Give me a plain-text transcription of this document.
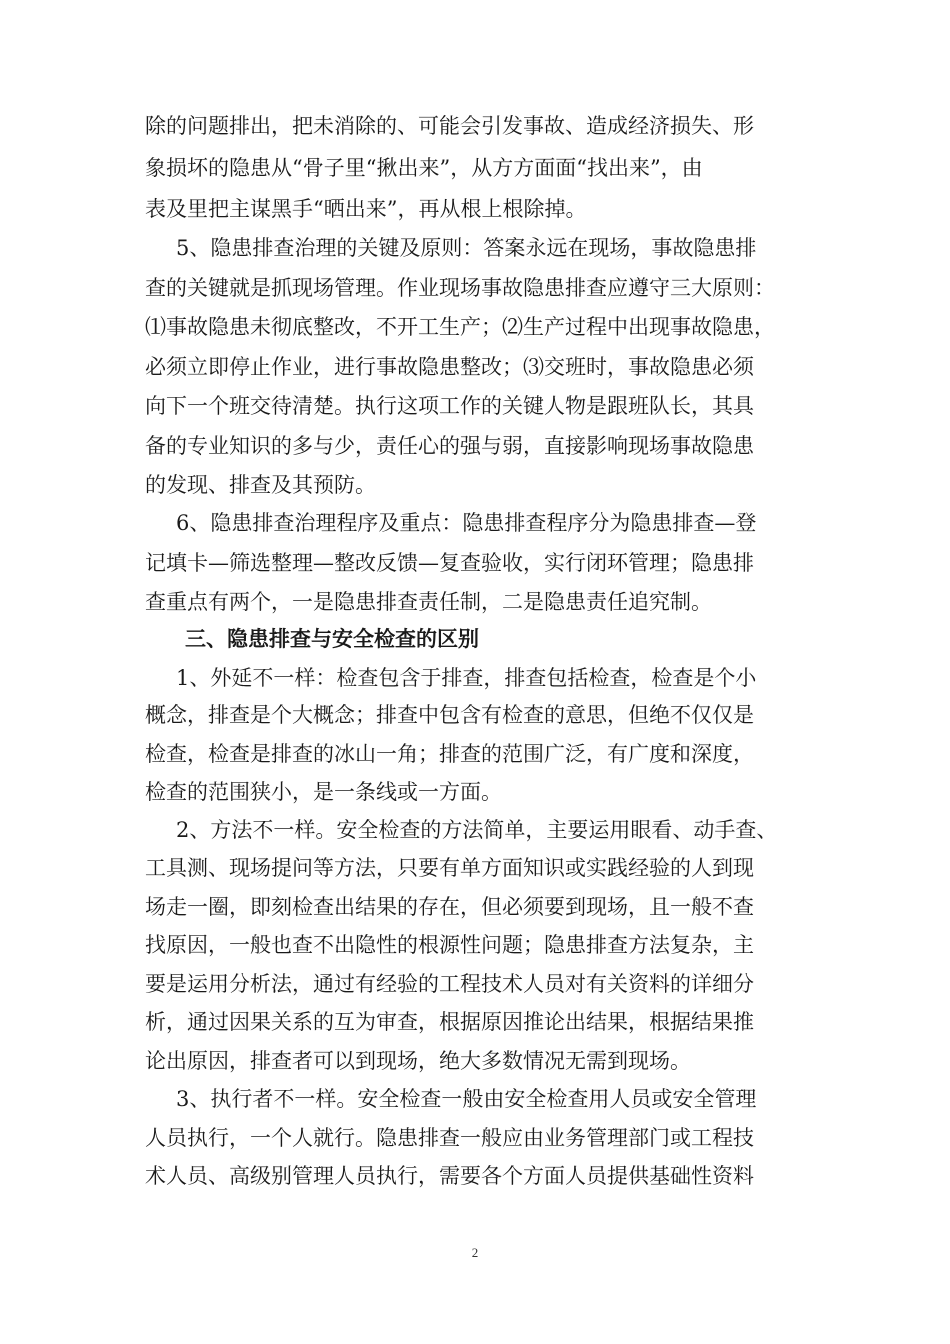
除的问题排出，把未消除的、可能会引发事故、造成经济损失、形
象损坏的隐患从“骨子里“揪出来”，从方方面面“找出来”，由
表及里把主谋黑手“晒出来”，再从根上根除掉。
5、隐患排查治理的关键及原则：答案永远在现场，事故隐患排
查的关键就是抓现场管理。作业现场事故隐患排查应遵守三大原则：
⑴事故隐患未彻底整改，不开工生产；⑵生产过程中出现事故隐患，
必须立即停止作业，进行事故隐患整改；⑶交班时，事故隐患必须
向下一个班交待清楚。执行这项工作的关键人物是跟班队长，其具
备的专业知识的多与少，责任心的强与弱，直接影响现场事故隐患
的发现、排查及其预防。
6、隐患排查治理程序及重点：隐患排查程序分为隐患排查—登
记填卡—筛选整理—整改反馈—复查验收，实行闭环管理；隐患排
查重点有两个，一是隐患排查责任制，二是隐患责任追究制。
三、隐患排查与安全检查的区别
1、外延不一样：检查包含于排查，排查包括检查，检查是个小
概念，排查是个大概念；排查中包含有检查的意思，但绝不仅仅是
检查，检查是排查的冰山一角；排查的范围广泛，有广度和深度，
检查的范围狭小，是一条线或一方面。
2、方法不一样。安全检查的方法简单，主要运用眼看、动手查、
工具测、现场提问等方法，只要有单方面知识或实践经验的人到现
场走一圈，即刻检查出结果的存在，但必须要到现场，且一般不查
找原因，一般也查不出隐性的根源性问题；隐患排查方法复杂，主
要是运用分析法，通过有经验的工程技术人员对有关资料的详细分
析，通过因果关系的互为审查，根据原因推论出结果，根据结果推
论出原因，排查者可以到现场，绝大多数情况无需到现场。
3、执行者不一样。安全检查一般由安全检查用人员或安全管理
人员执行，一个人就行。隐患排查一般应由业务管理部门或工程技
术人员、高级别管理人员执行，需要各个方面人员提供基础性资料
2
